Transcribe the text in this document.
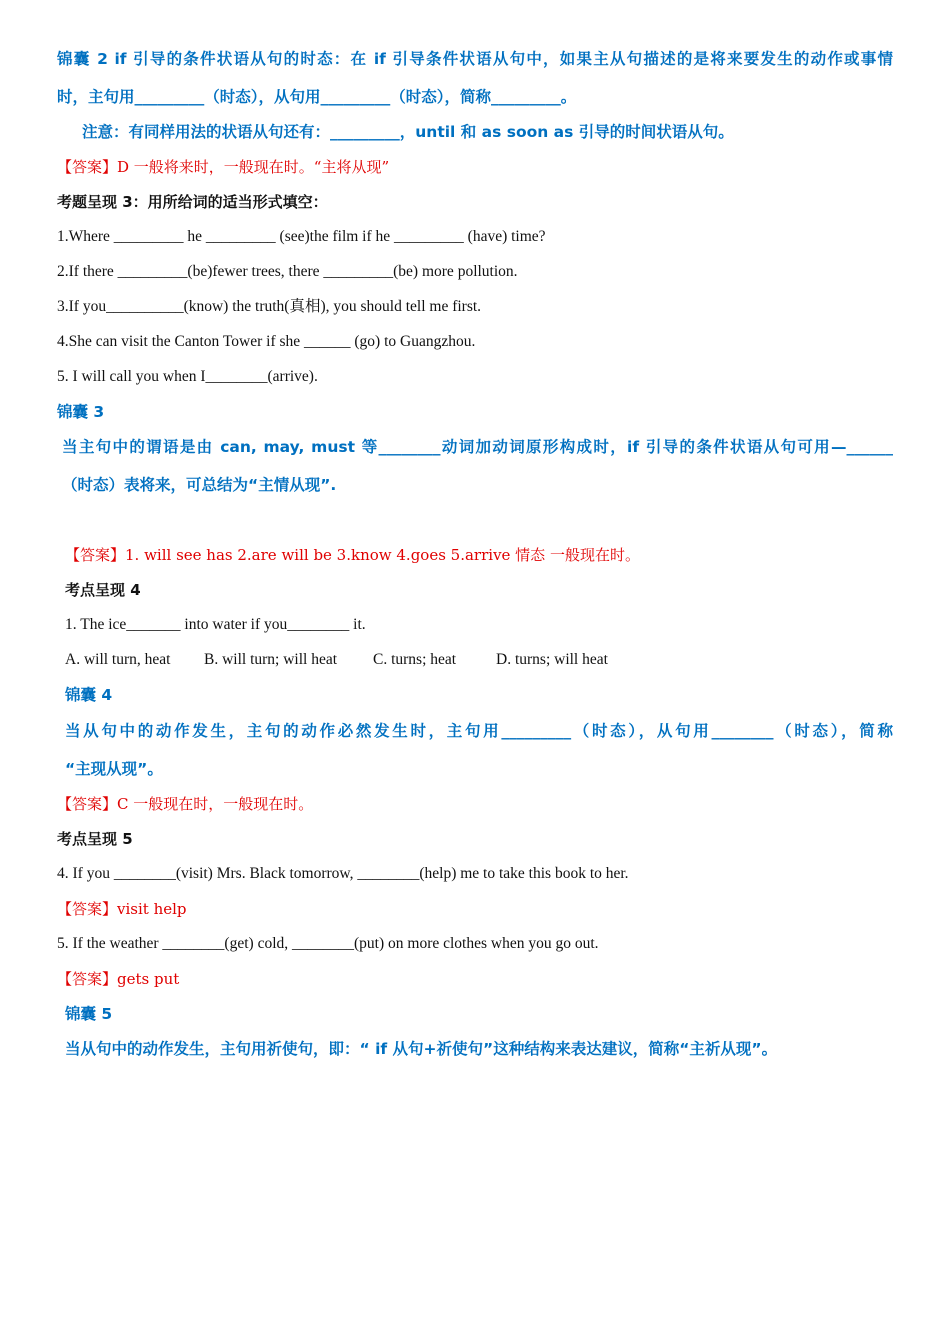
锦囊 2 if 引导的条件状语从句的时态：在 if 引导条件状语从句中，如果主从句描述的是将来要发生的动作或事情
时，主句用_________（时态），从句用_________（时态），简称_________。
注意：有同样用法的状语从句还有：_________，until 和 as soon as 引导的时间状语从句。
【答案】D 一般将来时，一般现在时。“主将从现”
考题呈现 3：用所给词的适当形式填空：
1.Where _________ he _________ (see)the film if he _________ (have) time?
2.If there _________(be)fewer trees, there _________(be) more pollution.
3.If you__________(know) the truth(真相), you should tell me first.
4.She can visit the Canton Tower if she ______ (go) to Guangzhou.
5. I will call you when I________(arrive).
锦囊 3
当主句中的谓语是由 can, may, must 等________动词加动词原形构成时，if 引导的条件状语从句可用—______
（时态）表将来，可总结为“主情从现”.
【答案】1. will see has 2.are will be 3.know 4.goes 5.arrive 情态 一般现在时。
考点呈现 4
1. The ice_______ into water if you________ it.
A. will turn, heat B. will turn; will heat C. turns; heat	D. turns; will heat
锦囊 4
当从句中的动作发生，主句的动作必然发生时，主句用_________（时态），从句用________（时态），简称
“主现从现”。
【答案】C 一般现在时，一般现在时。
考点呈现 5
4. If you ________(visit) Mrs. Black tomorrow, ________(help) me to take this book to her.
【答案】visit help
5. If the weather ________(get) cold, ________(put) on more clothes when you go out.
【答案】gets put
锦囊 5
当从句中的动作发生，主句用祈使句，即：“ if 从句+祈使句”这种结构来表达建议，简称“主祈从现”。
